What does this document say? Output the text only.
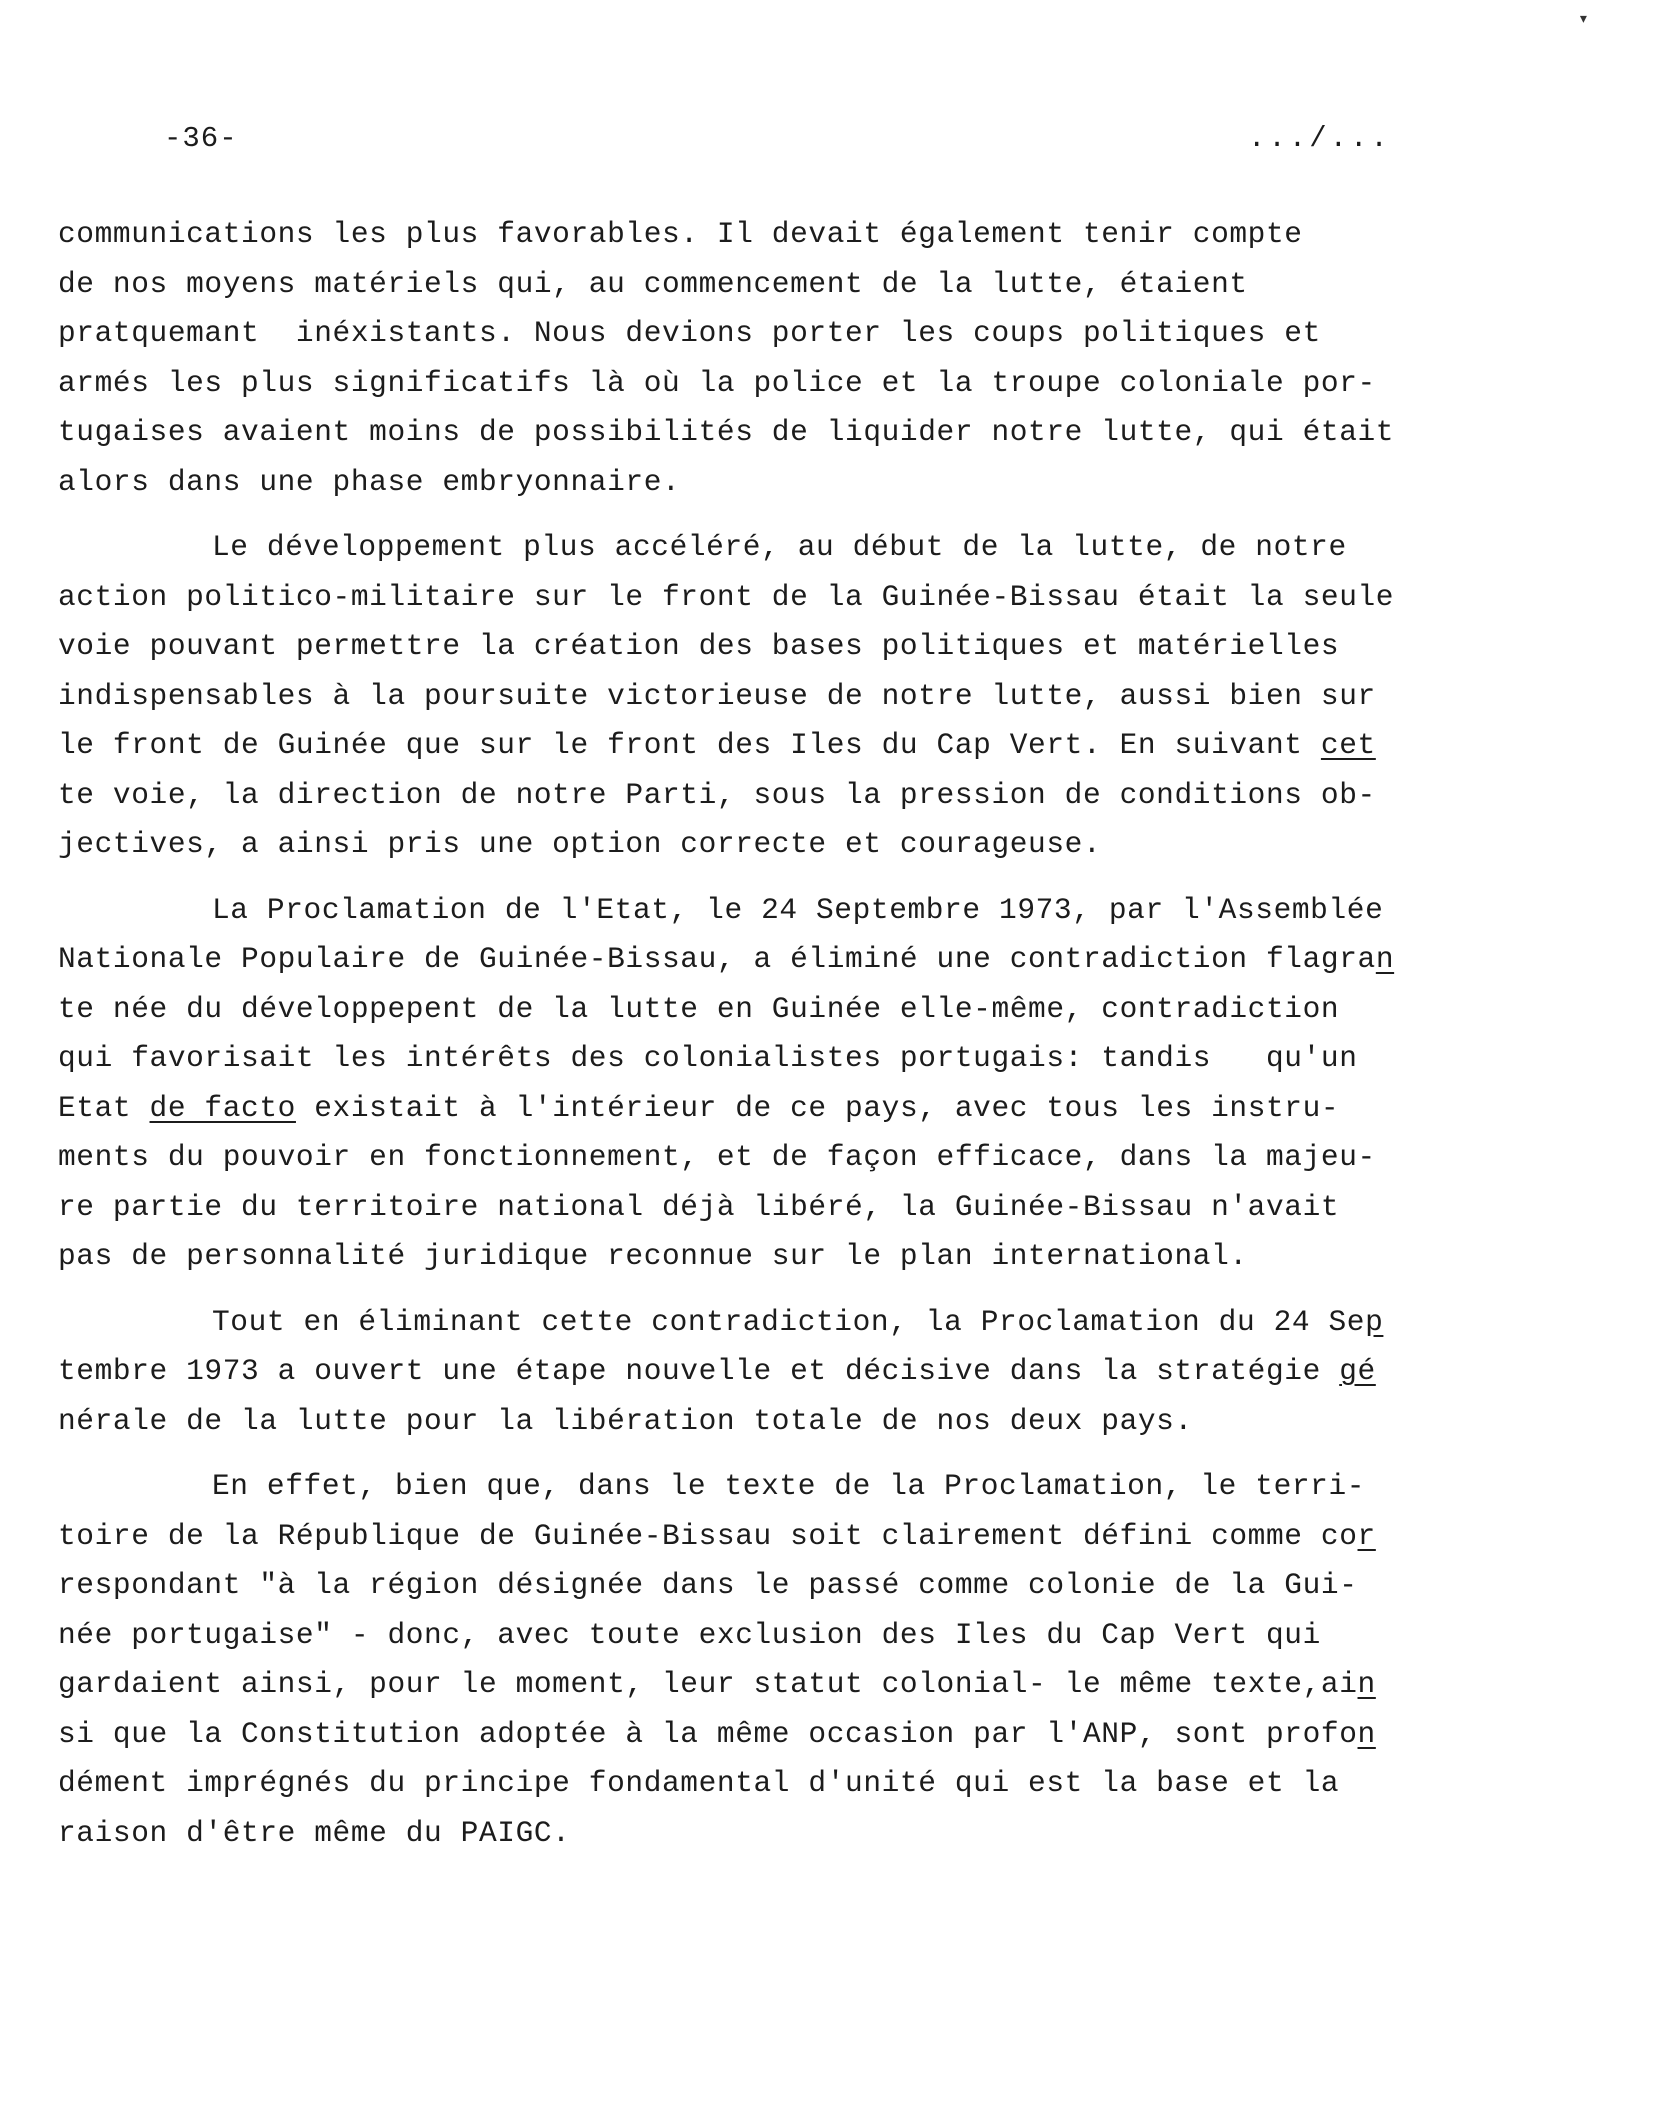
▾
-36-	.../...
communications les plus favorables. Il devait également tenir compte
de nos moyens matériels qui, au commencement de la lutte, étaient
pratquemant  inéxistants. Nous devions porter les coups politiques et
armés les plus significatifs là où la police et la troupe coloniale por-
tugaises avaient moins de possibilités de liquider notre lutte, qui était
alors dans une phase embryonnaire.
Le développement plus accéléré, au début de la lutte, de notre
action politico-militaire sur le front de la Guinée-Bissau était la seule
voie pouvant permettre la création des bases politiques et matérielles
indispensables à la poursuite victorieuse de notre lutte, aussi bien sur
le front de Guinée que sur le front des Iles du Cap Vert. En suivant cet
te voie, la direction de notre Parti, sous la pression de conditions ob-
jectives, a ainsi pris une option correcte et courageuse.
La Proclamation de l'Etat, le 24 Septembre 1973, par l'Assemblée
Nationale Populaire de Guinée-Bissau, a éliminé une contradiction flagran
te née du développepent de la lutte en Guinée elle-même, contradiction
qui favorisait les intérêts des colonialistes portugais: tandis   qu'un
Etat de facto existait à l'intérieur de ce pays, avec tous les instru-
ments du pouvoir en fonctionnement, et de façon efficace, dans la majeu-
re partie du territoire national déjà libéré, la Guinée-Bissau n'avait
pas de personnalité juridique reconnue sur le plan international.
Tout en éliminant cette contradiction, la Proclamation du 24 Sep
tembre 1973 a ouvert une étape nouvelle et décisive dans la stratégie gé
nérale de la lutte pour la libération totale de nos deux pays.
En effet, bien que, dans le texte de la Proclamation, le terri-
toire de la République de Guinée-Bissau soit clairement défini comme cor
respondant "à la région désignée dans le passé comme colonie de la Gui-
née portugaise" - donc, avec toute exclusion des Iles du Cap Vert qui
gardaient ainsi, pour le moment, leur statut colonial- le même texte,ain
si que la Constitution adoptée à la même occasion par l'ANP, sont profon
dément imprégnés du principe fondamental d'unité qui est la base et la
raison d'être même du PAIGC.
